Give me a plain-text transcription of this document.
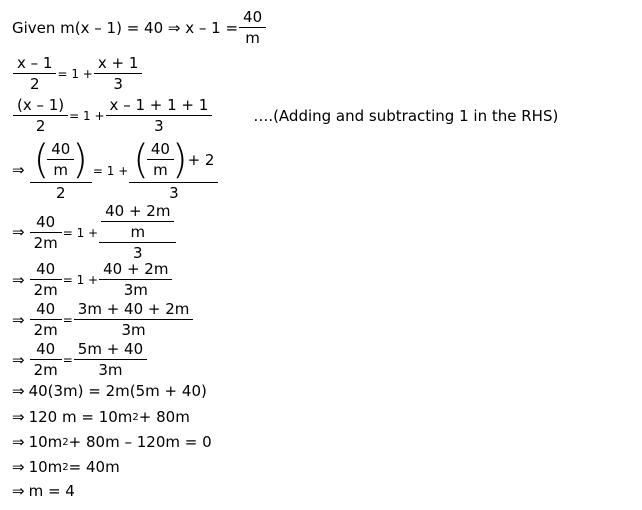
Given m(x – 1) = 40 ⇒ $x - 1 = \frac{40}{m}$
$\frac{x - 1}{2} = 1 + \frac{x + 1}{3}$
$\frac{(x - 1)}{2} = 1 + \frac{x - 1 + 1 + 1}{3}$	….(Adding and subtracting 1 in the RHS)
⇒ $\frac{( \frac{40}{m} )}{2} = 1 + \frac{( \frac{40}{m} ) + 2}{3}$
⇒ $\frac{40}{2m} = 1 + \frac{\frac{40 + 2m}{m}}{3}$
⇒ $\frac{40}{2m} = 1 + \frac{40 + 2m}{3m}$
⇒ $\frac{40}{2m} = \frac{3m + 40 + 2m}{3m}$
⇒ $\frac{40}{2m} = \frac{5m + 40}{3m}$
⇒ 40(3m) = 2m(5m + 40)
⇒ 120 m = 10m 2 + 80m
⇒ 10m 2 + 80m – 120m = 0
⇒ 10m 2 = 40m
⇒ m = 4
